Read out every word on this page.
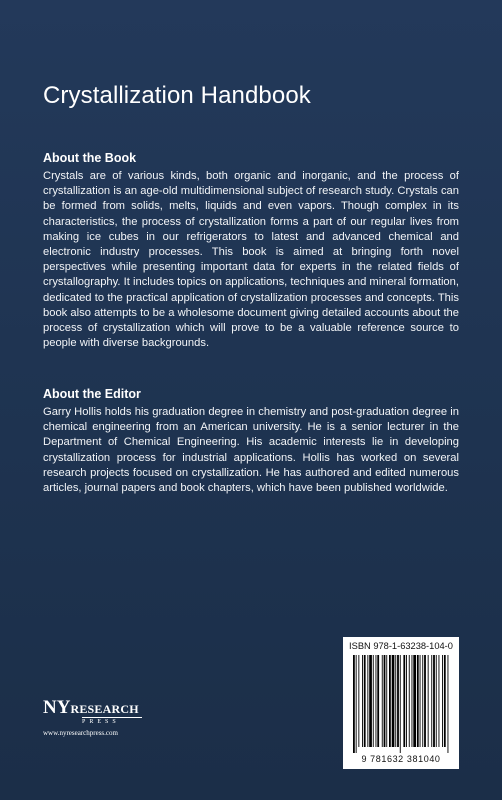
Crystallization Handbook
About the Book
Crystals are of various kinds, both organic and inorganic, and the process of crystallization is an age-old multidimensional subject of research study. Crystals can be formed from solids, melts, liquids and even vapors. Though complex in its characteristics, the process of crystallization forms a part of our regular lives from making ice cubes in our refrigerators to latest and advanced chemical and electronic industry processes. This book is aimed at bringing forth novel perspectives while presenting important data for experts in the related fields of crystallography. It includes topics on applications, techniques and mineral formation, dedicated to the practical application of crystallization processes and concepts. This book also attempts to be a wholesome document giving detailed accounts about the process of crystallization which will prove to be a valuable reference source to people with diverse backgrounds.
About the Editor
Garry Hollis holds his graduation degree in chemistry and post-graduation degree in chemical engineering from an American university. He is a senior lecturer in the Department of Chemical Engineering. His academic interests lie in developing crystallization process for industrial applications. Hollis has worked on several research projects focused on crystallization. He has authored and edited numerous articles, journal papers and book chapters, which have been published worldwide.
ISBN 978-1-63238-104-0
9 781632 381040
NYRESEARCH
PRESS
www.nyresearchpress.com
